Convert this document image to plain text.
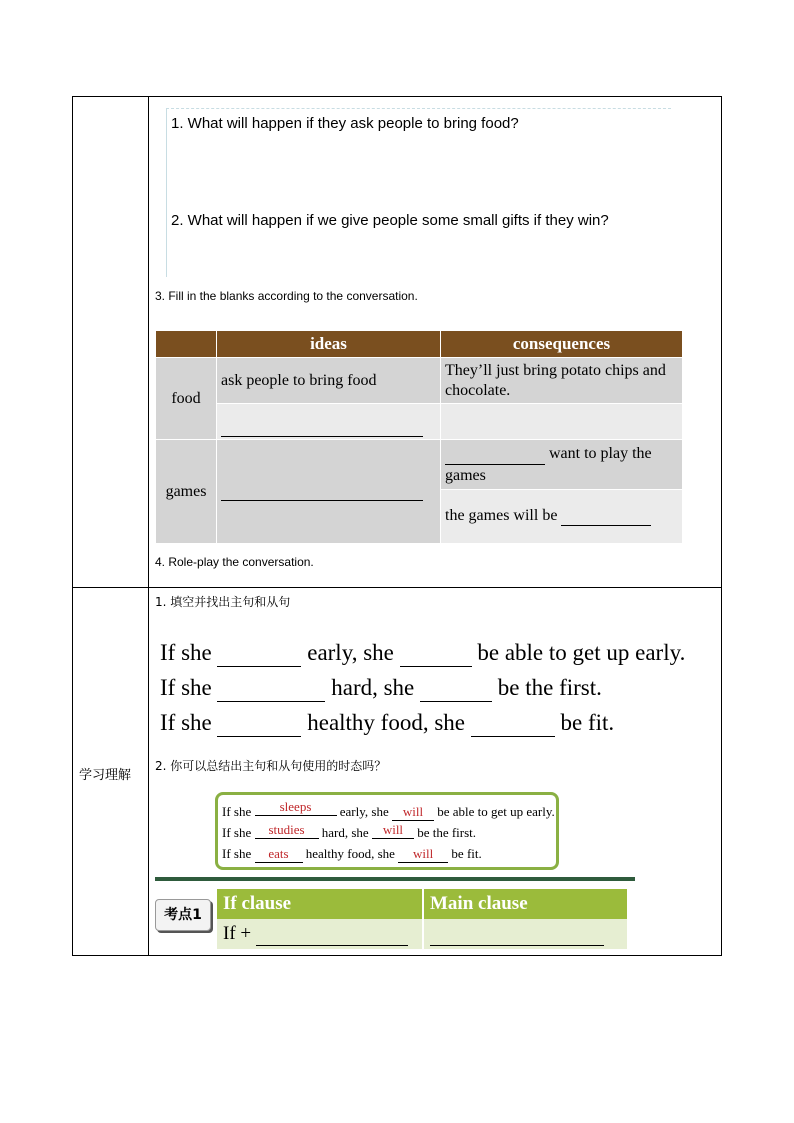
1. What will happen if they ask people to bring food?
2. What will happen if we give people some small gifts if they win?
3. Fill in the blanks according to the conversation.
	ideas	consequences
food	ask people to bring food	They’ll just bring potato chips and chocolate.

games		want to play the games
		the games will be
4. Role-play the conversation.
学习理解
1. 填空并找出主句和从句
If she	early, she	be able to get up early.
If she	hard, she	be the first.
If she	healthy food, she	be fit.
2. 你可以总结出主句和从句使用的时态吗？
If she sleeps early, she will be able to get up early.
If she studies hard, she will be the first.
If she eats healthy food, she will be fit.
考点1
If clause	Main clause
If +	
